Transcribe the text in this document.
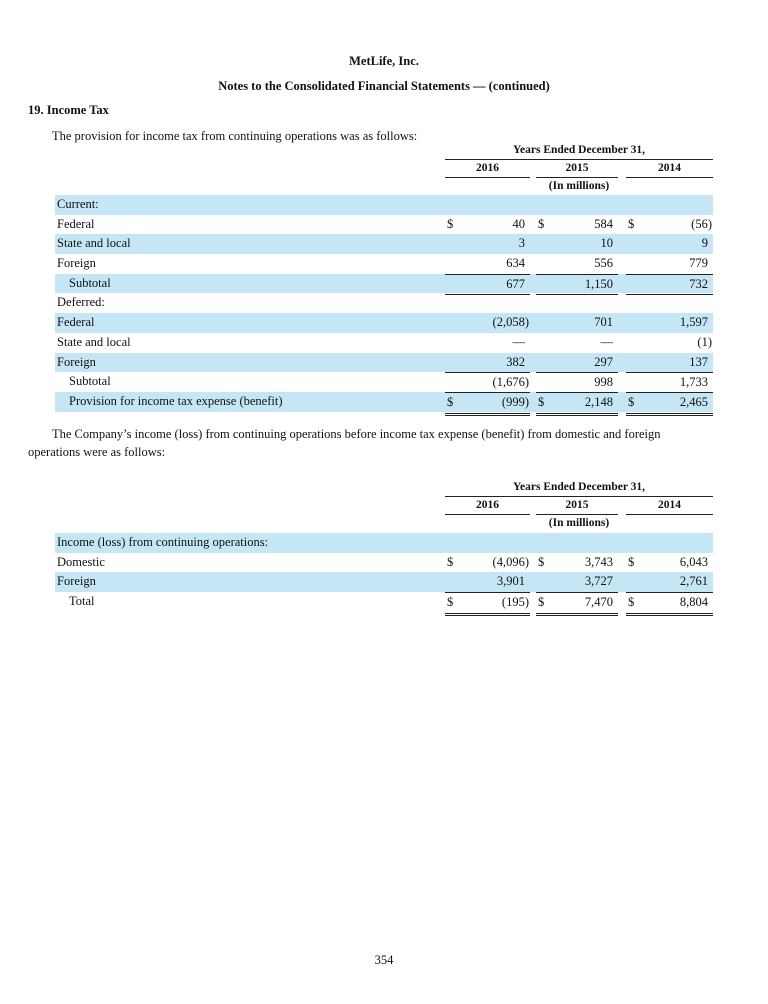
MetLife, Inc.
Notes to the Consolidated Financial Statements — (continued)
19. Income Tax
The provision for income tax from continuing operations was as follows:
Years Ended December 31,
2016	2015	2014
(In millions)
Current:
Federal	$	40 $	584 $	(56)
State and local	3	10	9
Foreign	634	556	779
Subtotal	677	1,150	732
Deferred:
Federal	(2,058)	701	1,597
State and local	—	—	(1)
Foreign	382	297	137
Subtotal	(1,676)	998	1,733
Provision for income tax expense (benefit)	$	(999) $	2,148 $	2,465
The Company’s income (loss) from continuing operations before income tax expense (benefit) from domestic and foreign
operations were as follows:
Years Ended December 31,
2016	2015	2014
(In millions)
Income (loss) from continuing operations:
Domestic	$	(4,096) $	3,743 $	6,043
Foreign	3,901	3,727	2,761
Total	$	(195) $	7,470 $	8,804
354
